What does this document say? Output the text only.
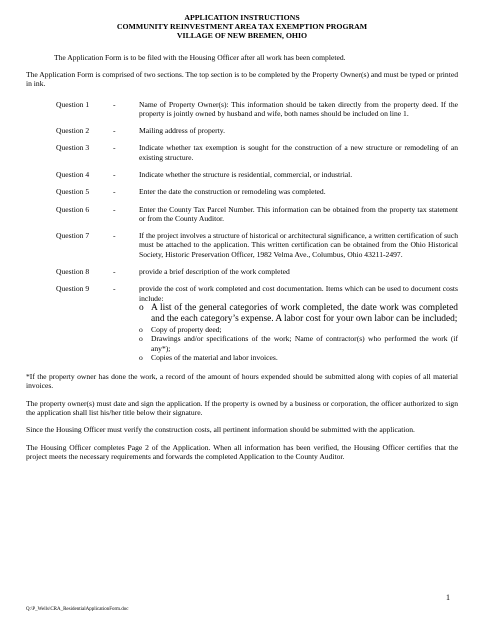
APPLICATION INSTRUCTIONS
COMMUNITY REINVESTMENT AREA TAX EXEMPTION PROGRAM
VILLAGE OF NEW BREMEN, OHIO

The Application Form is to be filed with the Housing Officer after all work has been completed.

The Application Form is comprised of two sections. The top section is to be completed by the Property Owner(s) and must be typed or printed in ink.

Question 1	-	Name of Property Owner(s): This information should be taken directly from the property deed. If the property is jointly owned by husband and wife, both names should be included on line 1.
Question 2	-	Mailing address of property.
Question 3	-	Indicate whether tax exemption is sought for the construction of a new structure or remodeling of an existing structure.
Question 4	-	Indicate whether the structure is residential, commercial, or industrial.
Question 5	-	Enter the date the construction or remodeling was completed.
Question 6	-	Enter the County Tax Parcel Number. This information can be obtained from the property tax statement or from the County Auditor.
Question 7	-	If the project involves a structure of historical or architectural significance, a written certification of such must be attached to the application. This written certification can be obtained from the Ohio Historical Society, Historic Preservation Officer, 1982 Velma Ave., Columbus, Ohio 43211-2497.
Question 8	-	provide a brief description of the work completed
Question 9	-	provide the cost of work completed and cost documentation. Items which can be used to document costs include:
o A list of the general categories of work completed, the date work was completed and the each category’s expense. A labor cost for your own labor can be included;
o	Copy of property deed;
o	Drawings and/or specifications of the work; Name of contractor(s) who performed the work (if any*);
o	Copies of the material and labor invoices.

*If the property owner has done the work, a record of the amount of hours expended should be submitted along with copies of all material invoices.

The property owner(s) must date and sign the application. If the property is owned by a business or corporation, the officer authorized to sign the application shall list his/her title below their signature.

Since the Housing Officer must verify the construction costs, all pertinent information should be submitted with the application.

The Housing Officer completes Page 2 of the Application. When all information has been verified, the Housing Officer certifies that the project meets the necessary requirements and forwards the completed Application to the County Auditor.

1
Q:\P_Wells\CRA_ResidentialApplicationForm.doc
